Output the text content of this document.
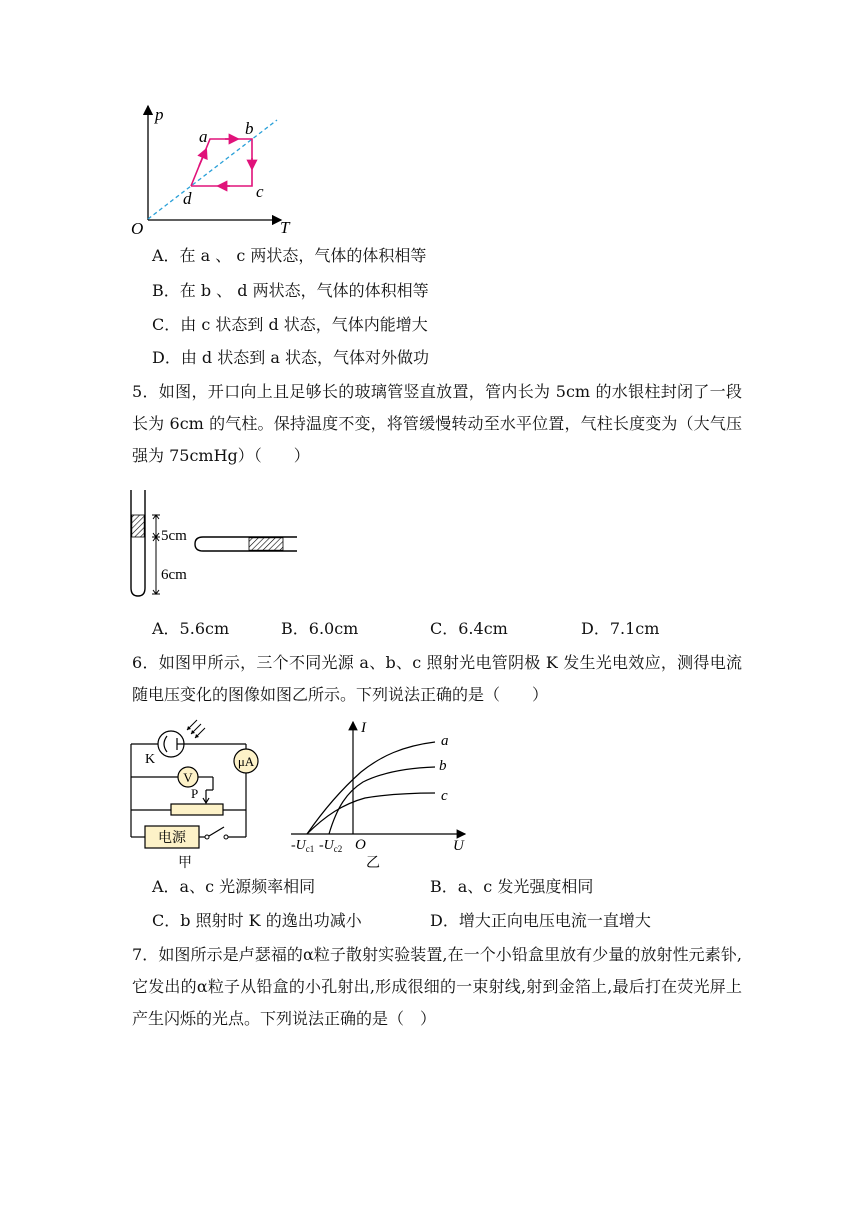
p
T
O
a b
c
d
A．在 a 、 c 两状态，气体的体积相等
B．在 b 、 d 两状态，气体的体积相等
C．由 c 状态到 d 状态，气体内能增大
D．由 d 状态到 a 状态，气体对外做功
5．如图，开口向上且足够长的玻璃管竖直放置，管内长为 5cm 的水银柱封闭了一段长为 6cm 的气柱。保持温度不变，将管缓慢转动至水平位置，气柱长度变为（大气压强为 75cmHg）（　　）
5cm
6cm
A．5.6cm	B．6.0cm	C．6.4cm	D．7.1cm
6．如图甲所示，三个不同光源 a、b、c 照射光电管阴极 K 发生光电效应，测得电流随电压变化的图像如图乙所示。下列说法正确的是（　　）
K	μA
V
P
电源
甲
I
U
O
a
b
c
$-U_{c1}$ $-U_{c2}$
乙
A．a、c 光源频率相同	B．a、c 发光强度相同
C．b 照射时 K 的逸出功减小	D．增大正向电压电流一直增大
7．如图所示是卢瑟福的α粒子散射实验装置,在一个小铅盒里放有少量的放射性元素钋,它发出的α粒子从铅盒的小孔射出,形成很细的一束射线,射到金箔上,最后打在荧光屏上产生闪烁的光点。下列说法正确的是（　）
